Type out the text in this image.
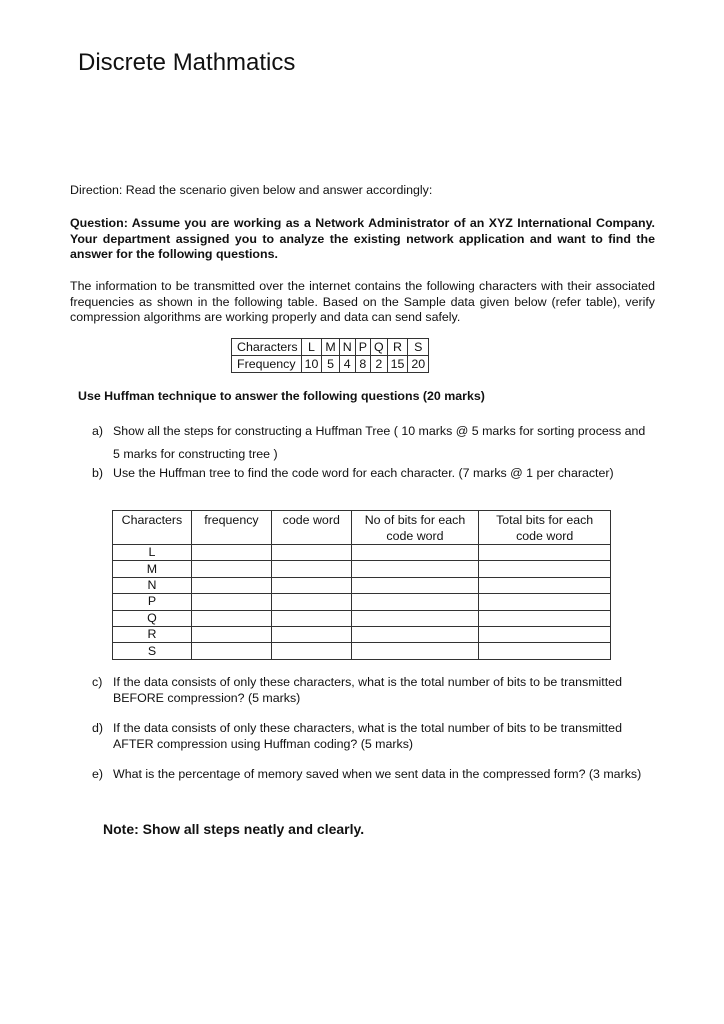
Discrete Mathmatics
Direction: Read the scenario given below and answer accordingly:
Question: Assume you are working as a Network Administrator of an XYZ International Company. Your department assigned you to analyze the existing network application and want to find the answer for the following questions.
The information to be transmitted over the internet contains the following characters with their associated frequencies as shown in the following table. Based on the Sample data given below (refer table), verify compression algorithms are working properly and data can send safely.
Characters	L	M	N	P	Q	R	S
Frequency	10	5	4	8	2	15	20
Use Huffman technique to answer the following questions (20 marks)
a) Show all the steps for constructing a Huffman Tree ( 10 marks @ 5 marks for sorting process and 5 marks for constructing tree )
b) Use the Huffman tree to find the code word for each character. (7 marks @ 1 per character)
Characters	frequency	code word	No of bits for each code word	Total bits for each code word
L				
M				
N				
P				
Q				
R				
S				
c) If the data consists of only these characters, what is the total number of bits to be transmitted BEFORE compression? (5 marks)
d) If the data consists of only these characters, what is the total number of bits to be transmitted AFTER compression using Huffman coding? (5 marks)
e) What is the percentage of memory saved when we sent data in the compressed form? (3 marks)
Note: Show all steps neatly and clearly.
